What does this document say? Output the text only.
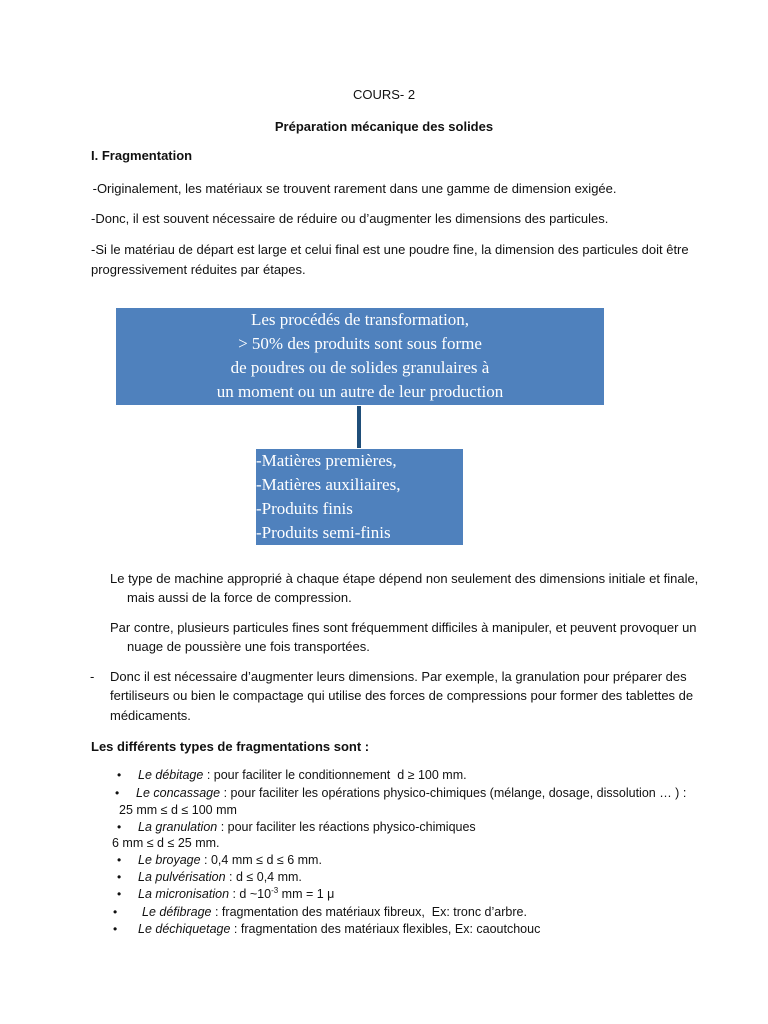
COURS- 2
Préparation mécanique des solides
I. Fragmentation
-Originalement, les matériaux se trouvent rarement dans une gamme de dimension exigée.
-Donc, il est souvent nécessaire de réduire ou d’augmenter les dimensions des particules.
-Si le matériau de départ est large et celui final est une poudre fine, la dimension des particules doit être
progressivement réduites par étapes.
Les procédés de transformation,
> 50% des produits sont sous forme
de poudres ou de solides granulaires à
un moment ou un autre de leur production
-Matières premières,
-Matières auxiliaires,
-Produits finis
-Produits semi-finis
Le type de machine approprié à chaque étape dépend non seulement des dimensions initiale et finale,
mais aussi de la force de compression.
Par contre, plusieurs particules fines sont fréquemment difficiles à manipuler, et peuvent provoquer un
nuage de poussière une fois transportées.
- Donc il est nécessaire d’augmenter leurs dimensions. Par exemple, la granulation pour préparer des
fertiliseurs ou bien le compactage qui utilise des forces de compressions pour former des tablettes de
médicaments.
Les différents types de fragmentations sont :
• Le débitage : pour faciliter le conditionnement  d ≥ 100 mm.
• Le concassage : pour faciliter les opérations physico-chimiques (mélange, dosage, dissolution … ) :
25 mm ≤ d ≤ 100 mm
• La granulation : pour faciliter les réactions physico-chimiques
6 mm ≤ d ≤ 25 mm.
• Le broyage : 0,4 mm ≤ d ≤ 6 mm.
• La pulvérisation : d ≤ 0,4 mm.
• La micronisation : d $\sim 10^{-3}$ mm = 1 μ
• Le défibrage : fragmentation des matériaux fibreux,  Ex: tronc d’arbre.
• Le déchiquetage : fragmentation des matériaux flexibles, Ex: caoutchouc
